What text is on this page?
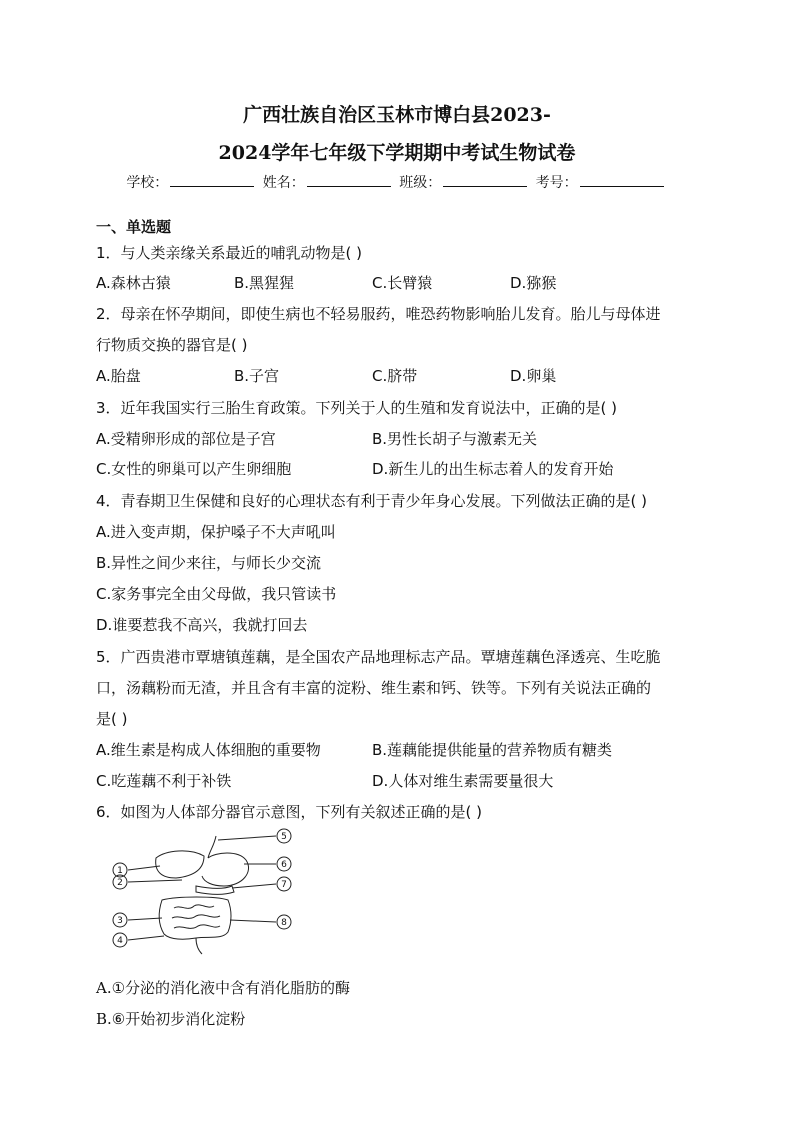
广西壮族自治区玉林市博白县2023-
2024学年七年级下学期期中考试生物试卷
学校：	姓名：	班级：	考号：
一、单选题
1．与人类亲缘关系最近的哺乳动物是( )
A.森林古猿	B.黑猩猩	C.长臂猿	D.猕猴
2．母亲在怀孕期间，即使生病也不轻易服药，唯恐药物影响胎儿发育。胎儿与母体进
行物质交换的器官是( )
A.胎盘	B.子宫	C.脐带	D.卵巢
3．近年我国实行三胎生育政策。下列关于人的生殖和发育说法中，正确的是( )
A.受精卵形成的部位是子宫	B.男性长胡子与激素无关
C.女性的卵巢可以产生卵细胞	D.新生儿的出生标志着人的发育开始
4．青春期卫生保健和良好的心理状态有利于青少年身心发展。下列做法正确的是( )
A.进入变声期，保护嗓子不大声吼叫
B.异性之间少来往，与师长少交流
C.家务事完全由父母做，我只管读书
D.谁要惹我不高兴，我就打回去
5．广西贵港市覃塘镇莲藕，是全国农产品地理标志产品。覃塘莲藕色泽透亮、生吃脆
口，汤藕粉而无渣，并且含有丰富的淀粉、维生素和钙、铁等。下列有关说法正确的
是( )
A.维生素是构成人体细胞的重要物	B.莲藕能提供能量的营养物质有糖类
C.吃莲藕不利于补铁	D.人体对维生素需要量很大
6．如图为人体部分器官示意图，下列有关叙述正确的是( )
1
2
3
4
5
6
7
8
A.①分泌的消化液中含有消化脂肪的酶
B.⑥开始初步消化淀粉
